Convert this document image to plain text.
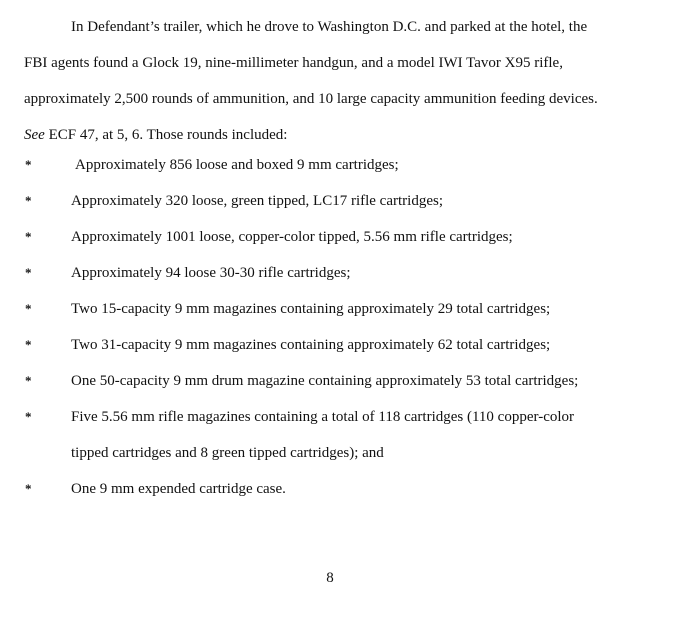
In Defendant’s trailer, which he drove to Washington D.C. and parked at the hotel, the
FBI agents found a Glock 19, nine-millimeter handgun, and a model IWI Tavor X95 rifle,
approximately 2,500 rounds of ammunition, and 10 large capacity ammunition feeding devices.
See ECF 47, at 5, 6. Those rounds included:

*	Approximately 856 loose and boxed 9 mm cartridges;
*	Approximately 320 loose, green tipped, LC17 rifle cartridges;
*	Approximately 1001 loose, copper-color tipped, 5.56 mm rifle cartridges;
*	Approximately 94 loose 30-30 rifle cartridges;
*	Two 15-capacity 9 mm magazines containing approximately 29 total cartridges;
*	Two 31-capacity 9 mm magazines containing approximately 62 total cartridges;
*	One 50-capacity 9 mm drum magazine containing approximately 53 total cartridges;
*	Five 5.56 mm rifle magazines containing a total of 118 cartridges (110 copper-color tipped cartridges and 8 green tipped cartridges); and
*	One 9 mm expended cartridge case.
8
